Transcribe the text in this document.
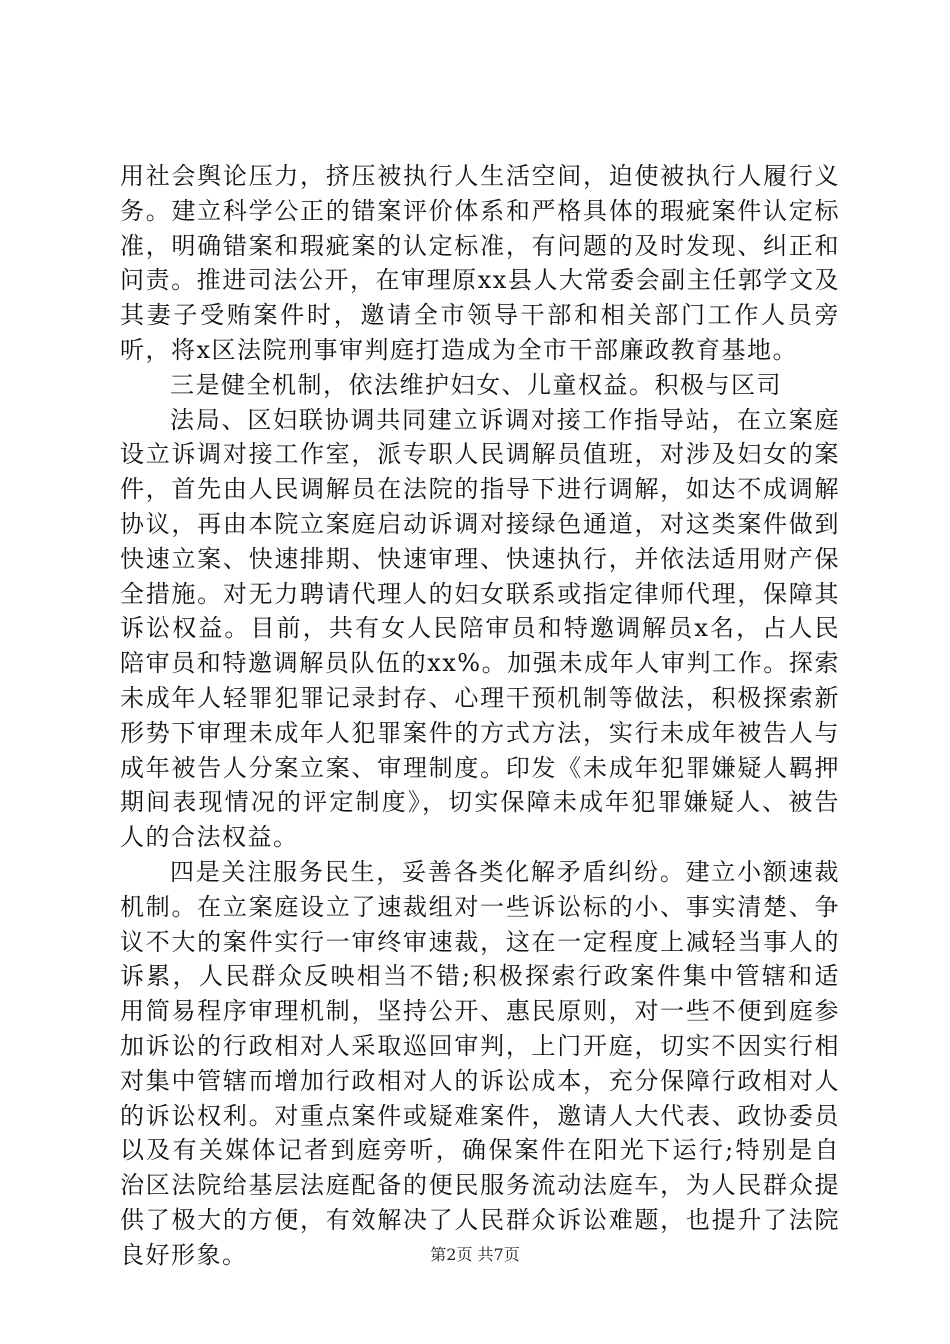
用社会舆论压力，挤压被执行人生活空间，迫使被执行人履行义务。建立科学公正的错案评价体系和严格具体的瑕疵案件认定标准，明确错案和瑕疵案的认定标准，有问题的及时发现、纠正和问责。推进司法公开，在审理原xx县人大常委会副主任郭学文及其妻子受贿案件时，邀请全市领导干部和相关部门工作人员旁听，将x区法院刑事审判庭打造成为全市干部廉政教育基地。

三是健全机制，依法维护妇女、儿童权益。积极与区司

法局、区妇联协调共同建立诉调对接工作指导站，在立案庭设立诉调对接工作室，派专职人民调解员值班，对涉及妇女的案件，首先由人民调解员在法院的指导下进行调解，如达不成调解协议，再由本院立案庭启动诉调对接绿色通道，对这类案件做到快速立案、快速排期、快速审理、快速执行，并依法适用财产保全措施。对无力聘请代理人的妇女联系或指定律师代理，保障其诉讼权益。目前，共有女人民陪审员和特邀调解员x名，占人民陪审员和特邀调解员队伍的xx%。加强未成年人审判工作。探索未成年人轻罪犯罪记录封存、心理干预机制等做法，积极探索新形势下审理未成年人犯罪案件的方式方法，实行未成年被告人与成年被告人分案立案、审理制度。印发《未成年犯罪嫌疑人羁押期间表现情况的评定制度》，切实保障未成年犯罪嫌疑人、被告人的合法权益。

四是关注服务民生，妥善各类化解矛盾纠纷。建立小额速裁机制。在立案庭设立了速裁组对一些诉讼标的小、事实清楚、争议不大的案件实行一审终审速裁，这在一定程度上减轻当事人的诉累，人民群众反映相当不错;积极探索行政案件集中管辖和适用简易程序审理机制，坚持公开、惠民原则，对一些不便到庭参加诉讼的行政相对人采取巡回审判，上门开庭，切实不因实行相对集中管辖而增加行政相对人的诉讼成本，充分保障行政相对人的诉讼权利。对重点案件或疑难案件，邀请人大代表、政协委员以及有关媒体记者到庭旁听，确保案件在阳光下运行;特别是自治区法院给基层法庭配备的便民服务流动法庭车，为人民群众提供了极大的方便，有效解决了人民群众诉讼难题，也提升了法院良好形象。	第2页 共7页
